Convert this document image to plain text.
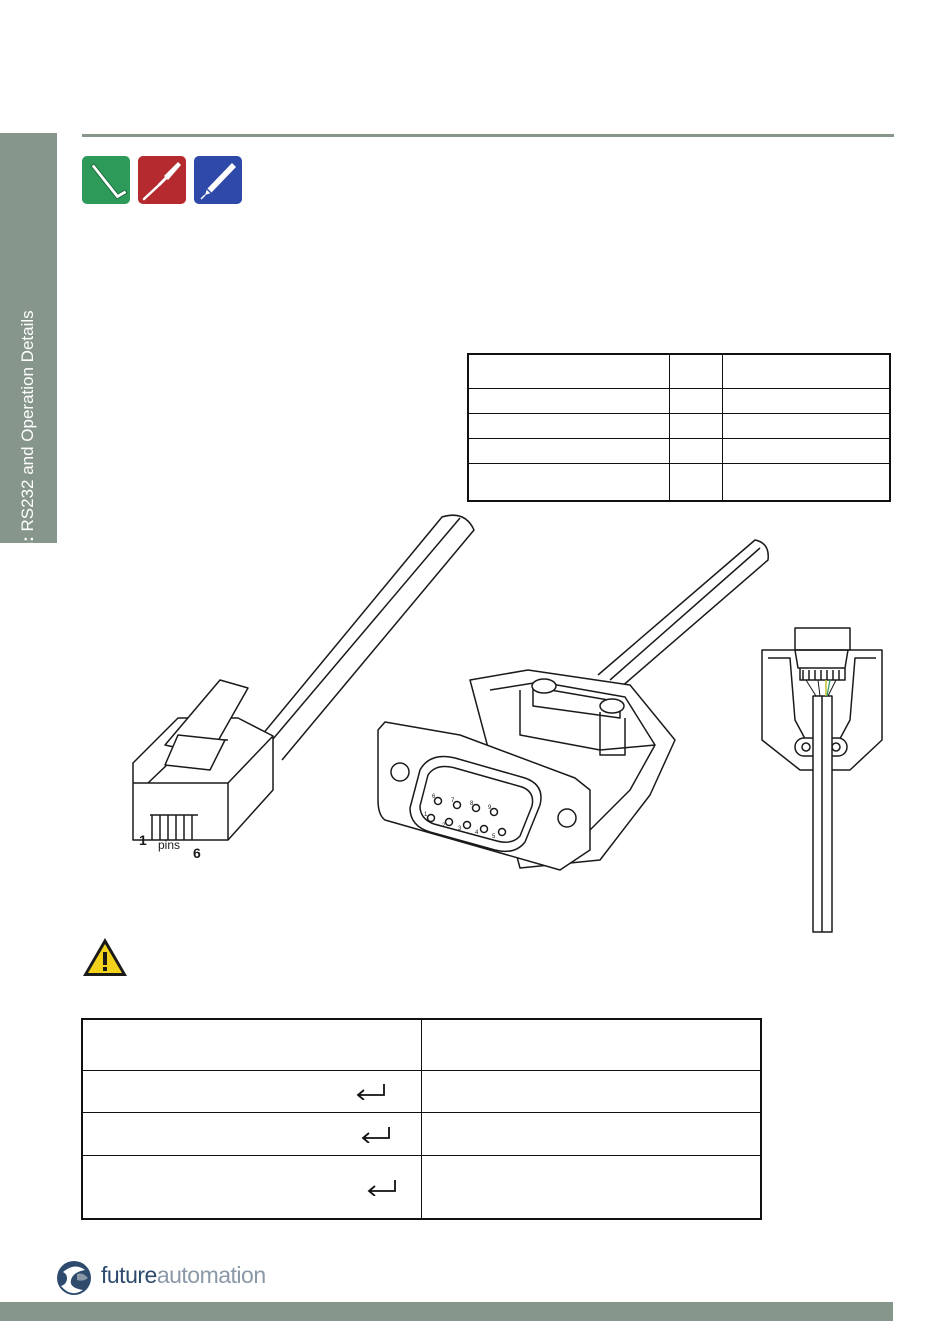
Installation: RS232 and Operation Details

1 pins 6
6
7	8
9
1
2 3
4
5

futureautomation
